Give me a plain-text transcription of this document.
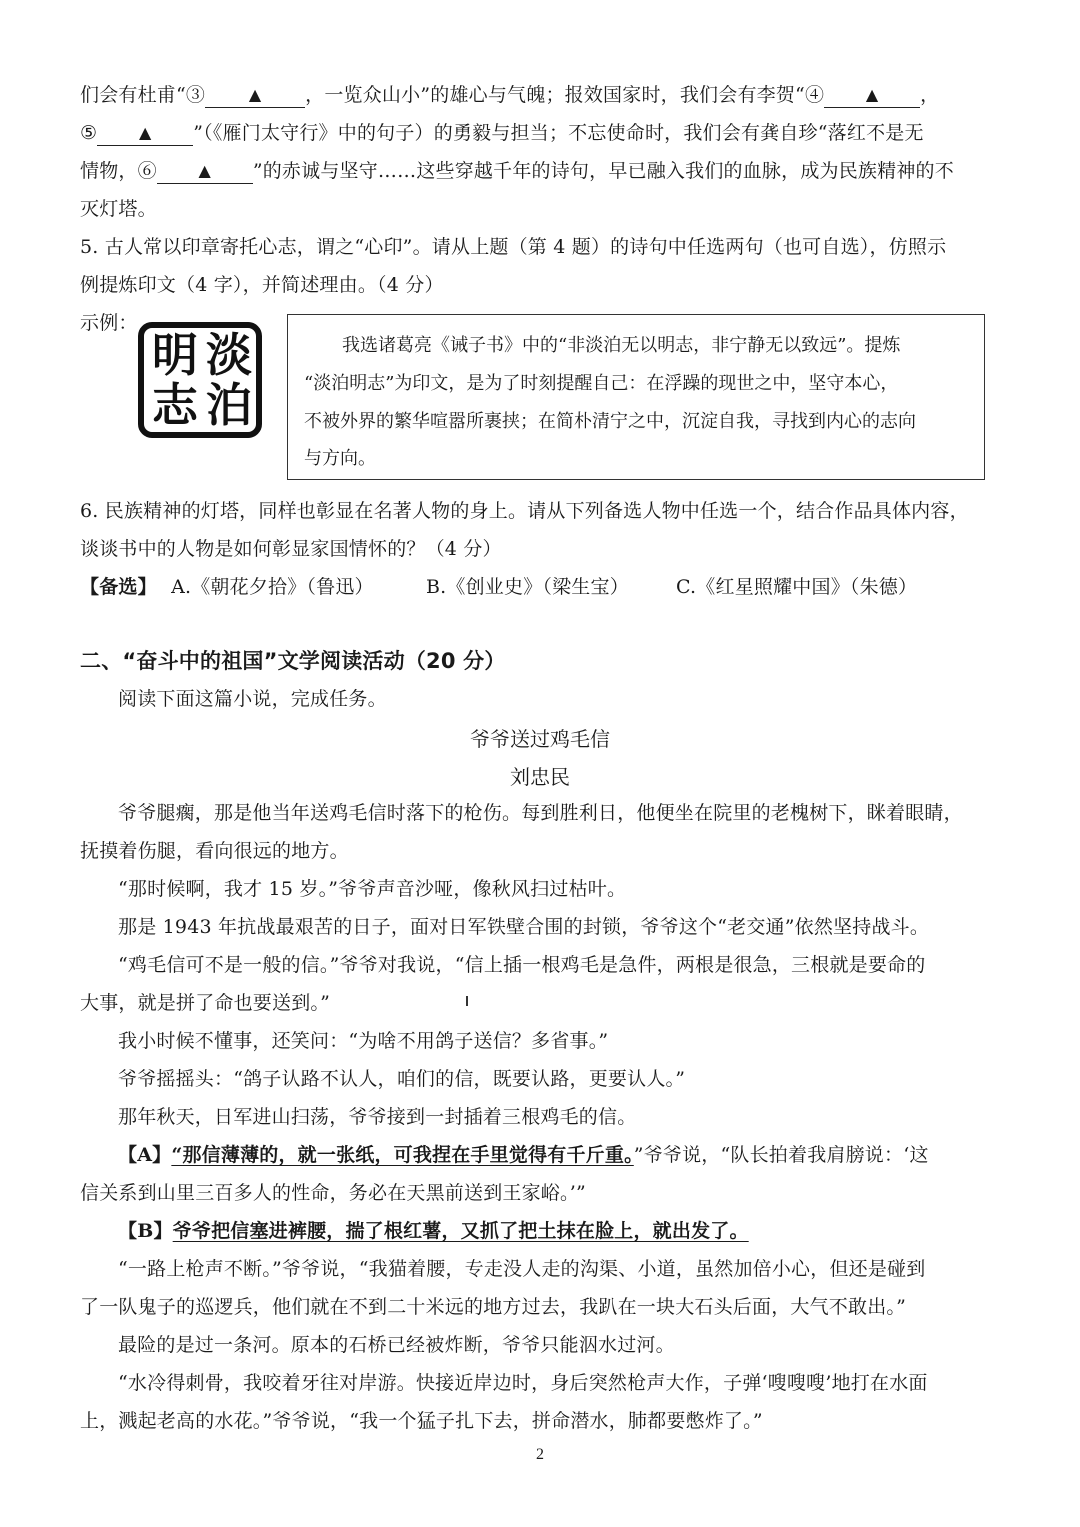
们会有杜甫“③	▲ ，一览众山小”的雄心与气魄；报效国家时，我们会有李贺“④	▲ ，
⑤	▲ ”（《雁门太守行》中的句子）的勇毅与担当；不忘使命时，我们会有龚自珍“落红不是无
情物，⑥	▲ ”的赤诚与坚守……这些穿越千年的诗句，早已融入我们的血脉，成为民族精神的不
灭灯塔。
5. 古人常以印章寄托心志，谓之“心印”。请从上题（第 4 题）的诗句中任选两句（也可自选），仿照示
例提炼印文（4 字），并简述理由。（4 分）
示例：
淡
泊
明
志
我选诸葛亮《诫子书》中的“非淡泊无以明志，非宁静无以致远”。提炼
“淡泊明志”为印文，是为了时刻提醒自己：在浮躁的现世之中，坚守本心，
不被外界的繁华喧嚣所裹挟；在简朴清宁之中，沉淀自我，寻找到内心的志向
与方向。
6. 民族精神的灯塔，同样也彰显在名著人物的身上。请从下列备选人物中任选一个，结合作品具体内容，
谈谈书中的人物是如何彰显家国情怀的？（4 分）
【备选】 A.《朝花夕拾》（鲁迅）	B.《创业史》（梁生宝） C.《红星照耀中国》（朱德）
二、“奋斗中的祖国”文学阅读活动（20 分）
阅读下面这篇小说，完成任务。
爷爷送过鸡毛信
刘忠民
爷爷腿瘸，那是他当年送鸡毛信时落下的枪伤。每到胜利日，他便坐在院里的老槐树下，眯着眼睛，
抚摸着伤腿，看向很远的地方。
“那时候啊，我才 15 岁。”爷爷声音沙哑，像秋风扫过枯叶。
那是 1943 年抗战最艰苦的日子，面对日军铁壁合围的封锁，爷爷这个“老交通”依然坚持战斗。
“鸡毛信可不是一般的信。”爷爷对我说，“信上插一根鸡毛是急件，两根是很急，三根就是要命的
大事，就是拼了命也要送到。”
我小时候不懂事，还笑问：“为啥不用鸽子送信？多省事。”
爷爷摇摇头：“鸽子认路不认人，咱们的信，既要认路，更要认人。”
那年秋天，日军进山扫荡，爷爷接到一封插着三根鸡毛的信。
【A】“那信薄薄的，就一张纸，可我捏在手里觉得有千斤重。”爷爷说，“队长拍着我肩膀说：‘这
信关系到山里三百多人的性命，务必在天黑前送到王家峪。’”
【B】爷爷把信塞进裤腰，揣了根红薯，又抓了把土抹在脸上，就出发了。
“一路上枪声不断。”爷爷说，“我猫着腰，专走没人走的沟渠、小道，虽然加倍小心，但还是碰到
了一队鬼子的巡逻兵，他们就在不到二十米远的地方过去，我趴在一块大石头后面，大气不敢出。”
最险的是过一条河。原本的石桥已经被炸断，爷爷只能泅水过河。
“水冷得刺骨，我咬着牙往对岸游。快接近岸边时，身后突然枪声大作，子弹‘嗖嗖嗖’地打在水面
上，溅起老高的水花。”爷爷说，“我一个猛子扎下去，拼命潜水，肺都要憋炸了。”
2
